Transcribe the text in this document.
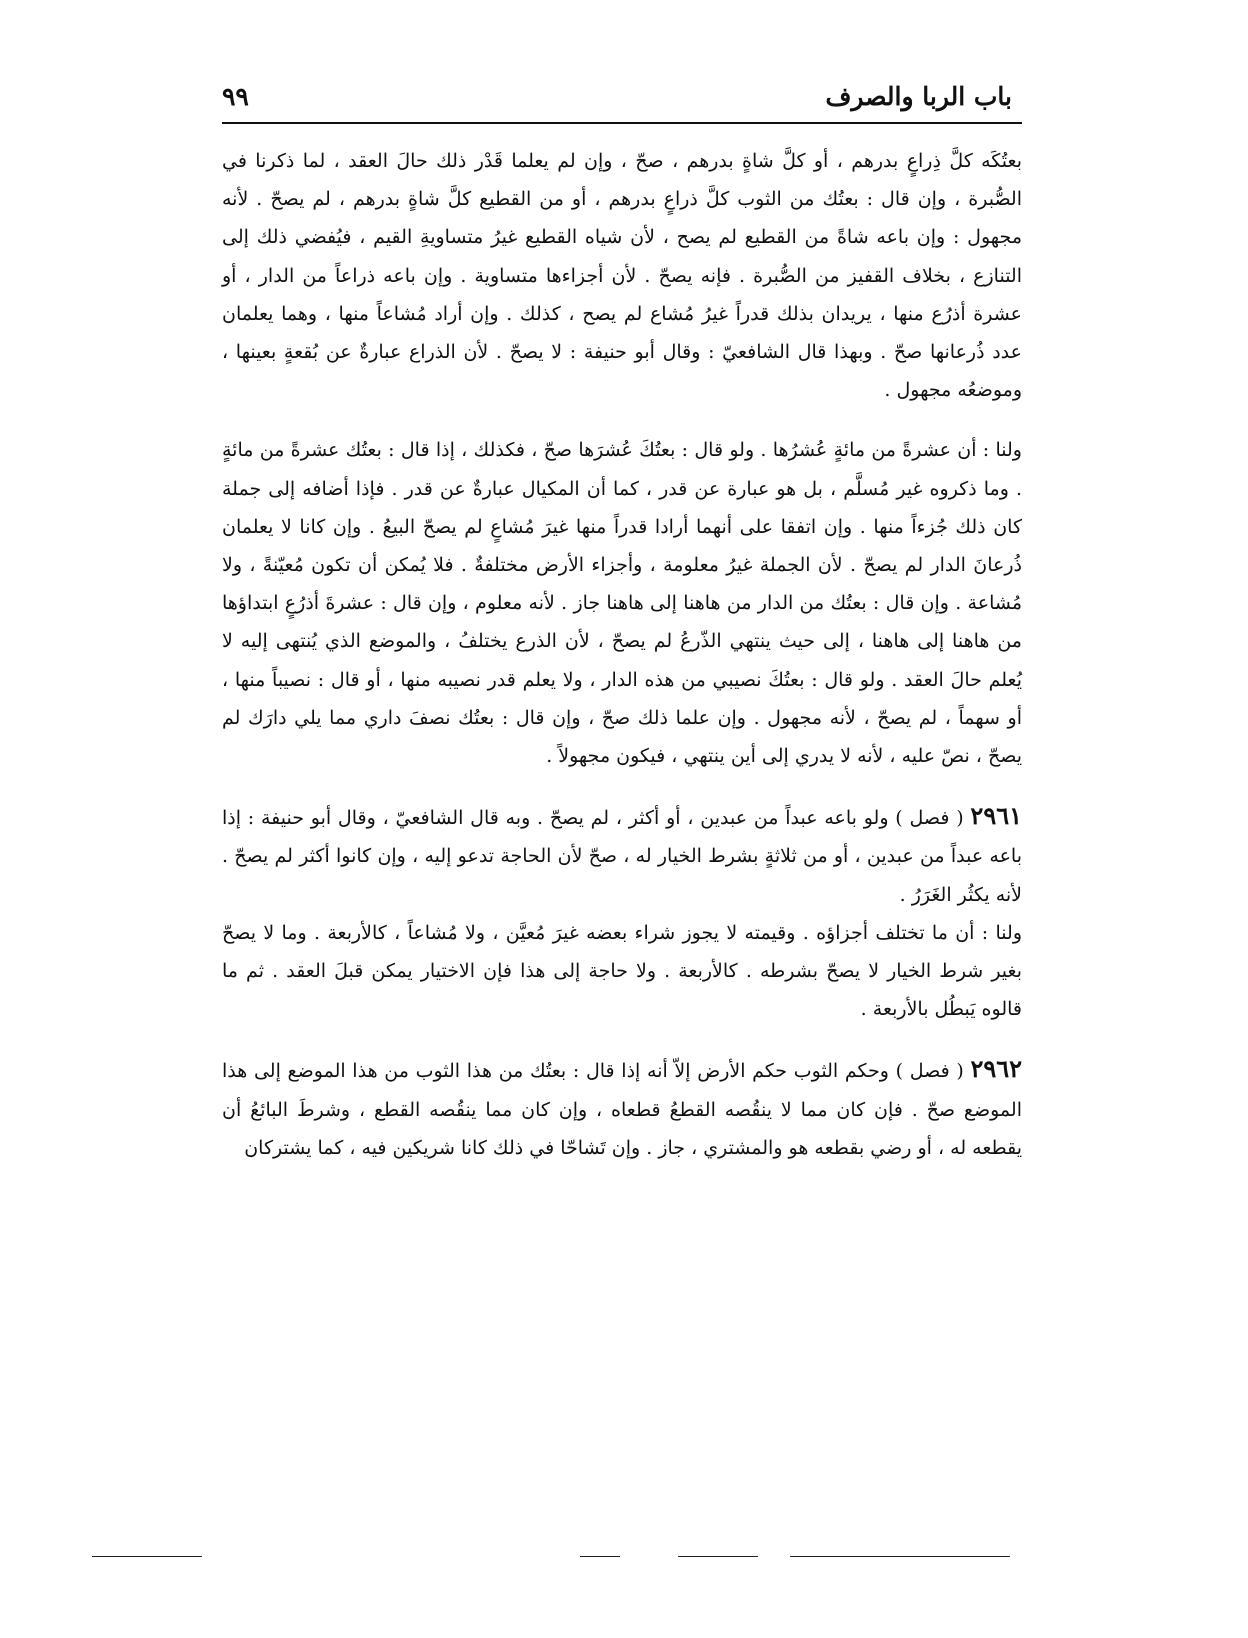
٩٩	باب الربا والصرف

بعتُكَه كلَّ ذِراعٍ بدرهم ، أو كلَّ شاةٍ بدرهم ، صحّ ، وإن لم يعلما قَدْر ذلك حالَ العقد ، لما ذكرنا في الصُّبرة ، وإن قال : بعتُك من الثوب كلَّ ذراعٍ بدرهم ، أو من القطيع كلَّ شاةٍ بدرهم ، لم يصحّ . لأنه مجهول : وإن باعه شاةً من القطيع لم يصح ، لأن شياه القطيع غيرُ متساويةِ القيم ، فيُفضي ذلك إلى التنازع ، بخلاف القفيز من الصُّبرة . فإنه يصحّ . لأن أجزاءها متساوية . وإن باعه ذراعاً من الدار ، أو عشرة أذرُع منها ، يريدان بذلك قدراً غيرُ مُشاع لم يصح ، كذلك . وإن أراد مُشاعاً منها ، وهما يعلمان عدد ذُرعانها صحّ . وبهذا قال الشافعيّ : وقال أبو حنيفة : لا يصحّ . لأن الذراع عبارةٌ عن بُقعةٍ بعينها ، وموضعُه مجهول .

ولنا : أن عشرةً من مائةٍ عُشرُها . ولو قال : بعتُكَ عُشرَها صحّ ، فكذلك ، إذا قال : بعتُك عشرةً من مائةٍ . وما ذكروه غير مُسلَّم ، بل هو عبارة عن قدر ، كما أن المكيال عبارةٌ عن قدر . فإذا أضافه إلى جملة كان ذلك جُزءاً منها . وإن اتفقا على أنهما أرادا قدراً منها غيرَ مُشاعٍ لم يصحّ البيعُ . وإن كانا لا يعلمان ذُرعانَ الدار لم يصحّ . لأن الجملة غيرُ معلومة ، وأجزاء الأرض مختلفةٌ . فلا يُمكن أن تكون مُعيّنةً ، ولا مُشاعة . وإن قال : بعتُك من الدار من هاهنا إلى هاهنا جاز . لأنه معلوم ، وإن قال : عشرةَ أذرُعٍ ابتداؤها من هاهنا إلى هاهنا ، إلى حيث ينتهي الذّرعُ لم يصحّ ، لأن الذرع يختلفُ ، والموضع الذي يُنتهى إليه لا يُعلم حالَ العقد . ولو قال : بعتُكَ نصيبي من هذه الدار ، ولا يعلم قدر نصيبه منها ، أو قال : نصيباً منها ، أو سهماً ، لم يصحّ ، لأنه مجهول . وإن علما ذلك صحّ ، وإن قال : بعتُك نصفَ داري مما يلي دارَك لم يصحّ ، نصّ عليه ، لأنه لا يدري إلى أين ينتهي ، فيكون مجهولاً .

٢٩٦١ ( فصل ) ولو باعه عبداً من عبدين ، أو أكثر ، لم يصحّ . وبه قال الشافعيّ ، وقال أبو حنيفة : إذا باعه عبداً من عبدين ، أو من ثلاثةٍ بشرط الخيار له ، صحّ لأن الحاجة تدعو إليه ، وإن كانوا أكثر لم يصحّ . لأنه يكثُر الغَرَرُ .

ولنا : أن ما تختلف أجزاؤه . وقيمته لا يجوز شراء بعضه غيرَ مُعيَّن ، ولا مُشاعاً ، كالأربعة . وما لا يصحّ بغير شرط الخيار لا يصحّ بشرطه . كالأربعة . ولا حاجة إلى هذا فإن الاختيار يمكن قبلَ العقد . ثم ما قالوه يَبطُل بالأربعة .

٢٩٦٢ ( فصل ) وحكم الثوب حكم الأرض إلاّ أنه إذا قال : بعتُك من هذا الثوب من هذا الموضع إلى هذا الموضع صحّ . فإن كان مما لا ينقُصه القطعُ قطعاه ، وإن كان مما ينقُصه القطع ، وشرطَ البائعُ أن يقطعه له ، أو رضي بقطعه هو والمشتري ، جاز . وإن تَشاحّا في ذلك كانا شريكين فيه ، كما يشتركان
